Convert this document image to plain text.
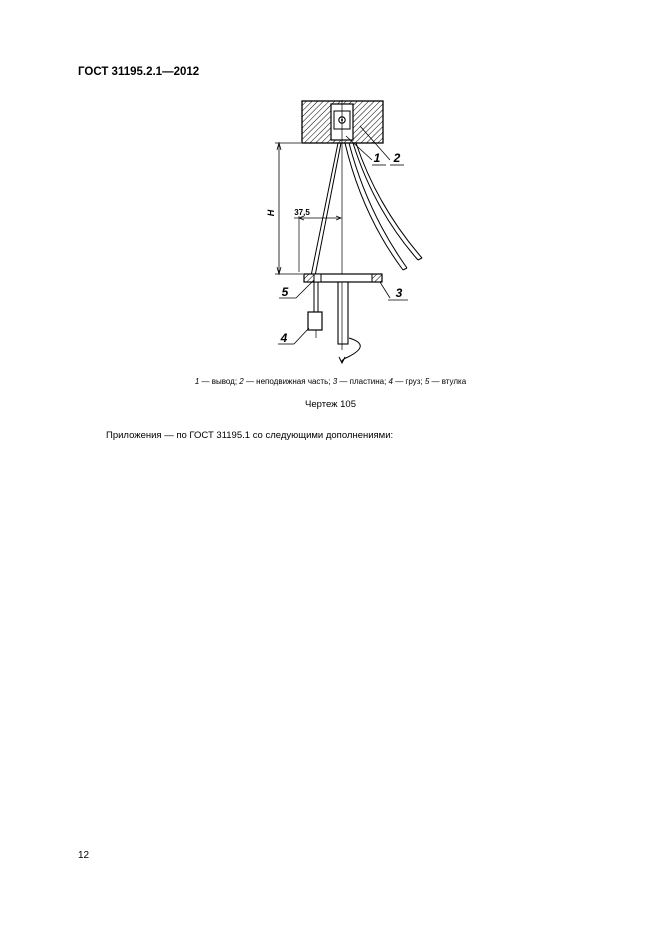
ГОСТ 31195.2.1—2012
H 37,5
1 2
3
4
5
1 — вывод; 2 — неподвижная часть; 3 — пластина; 4 — груз; 5 — втулка
Чертеж 105
Приложения — по ГОСТ 31195.1 со следующими дополнениями:
12
